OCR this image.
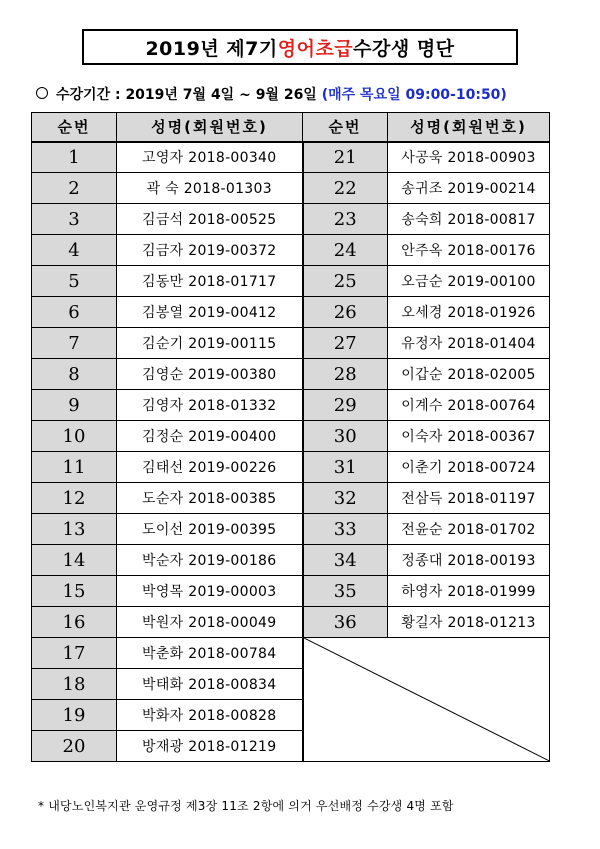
2019년 제7기 영어초급 수강생 명단
수강기간 : 2019년 7월 4일 ~ 9월 26일 (매주 목요일 09:00-10:50)
순번	성명(회원번호)	순번	성명(회원번호)
1	고영자 2018-00340	21	사공욱 2018-00903
2	곽 숙 2018-01303	22	송귀조 2019-00214
3	김금석 2018-00525	23	송숙희 2018-00817
4	김금자 2019-00372	24	안주옥 2018-00176
5	김동만 2018-01717	25	오금순 2019-00100
6	김봉열 2019-00412	26	오세경 2018-01926
7	김순기 2019-00115	27	유정자 2018-01404
8	김영순 2019-00380	28	이갑순 2018-02005
9	김영자 2018-01332	29	이계수 2018-00764
10	김정순 2019-00400	30	이숙자 2018-00367
11	김태선 2019-00226	31	이춘기 2018-00724
12	도순자 2018-00385	32	전삼득 2018-01197
13	도이선 2019-00395	33	전윤순 2018-01702
14	박순자 2019-00186	34	정종대 2018-00193
15	박영목 2019-00003	35	하영자 2018-01999
16	박원자 2018-00049	36	황길자 2018-01213
17	박춘화 2018-00784	

18	박태화 2018-00834		
19	박화자 2018-00828		
20	방재광 2018-01219		
* 내당노인복지관 운영규정 제3장 11조 2항에 의거 우선배정 수강생 4명 포함
